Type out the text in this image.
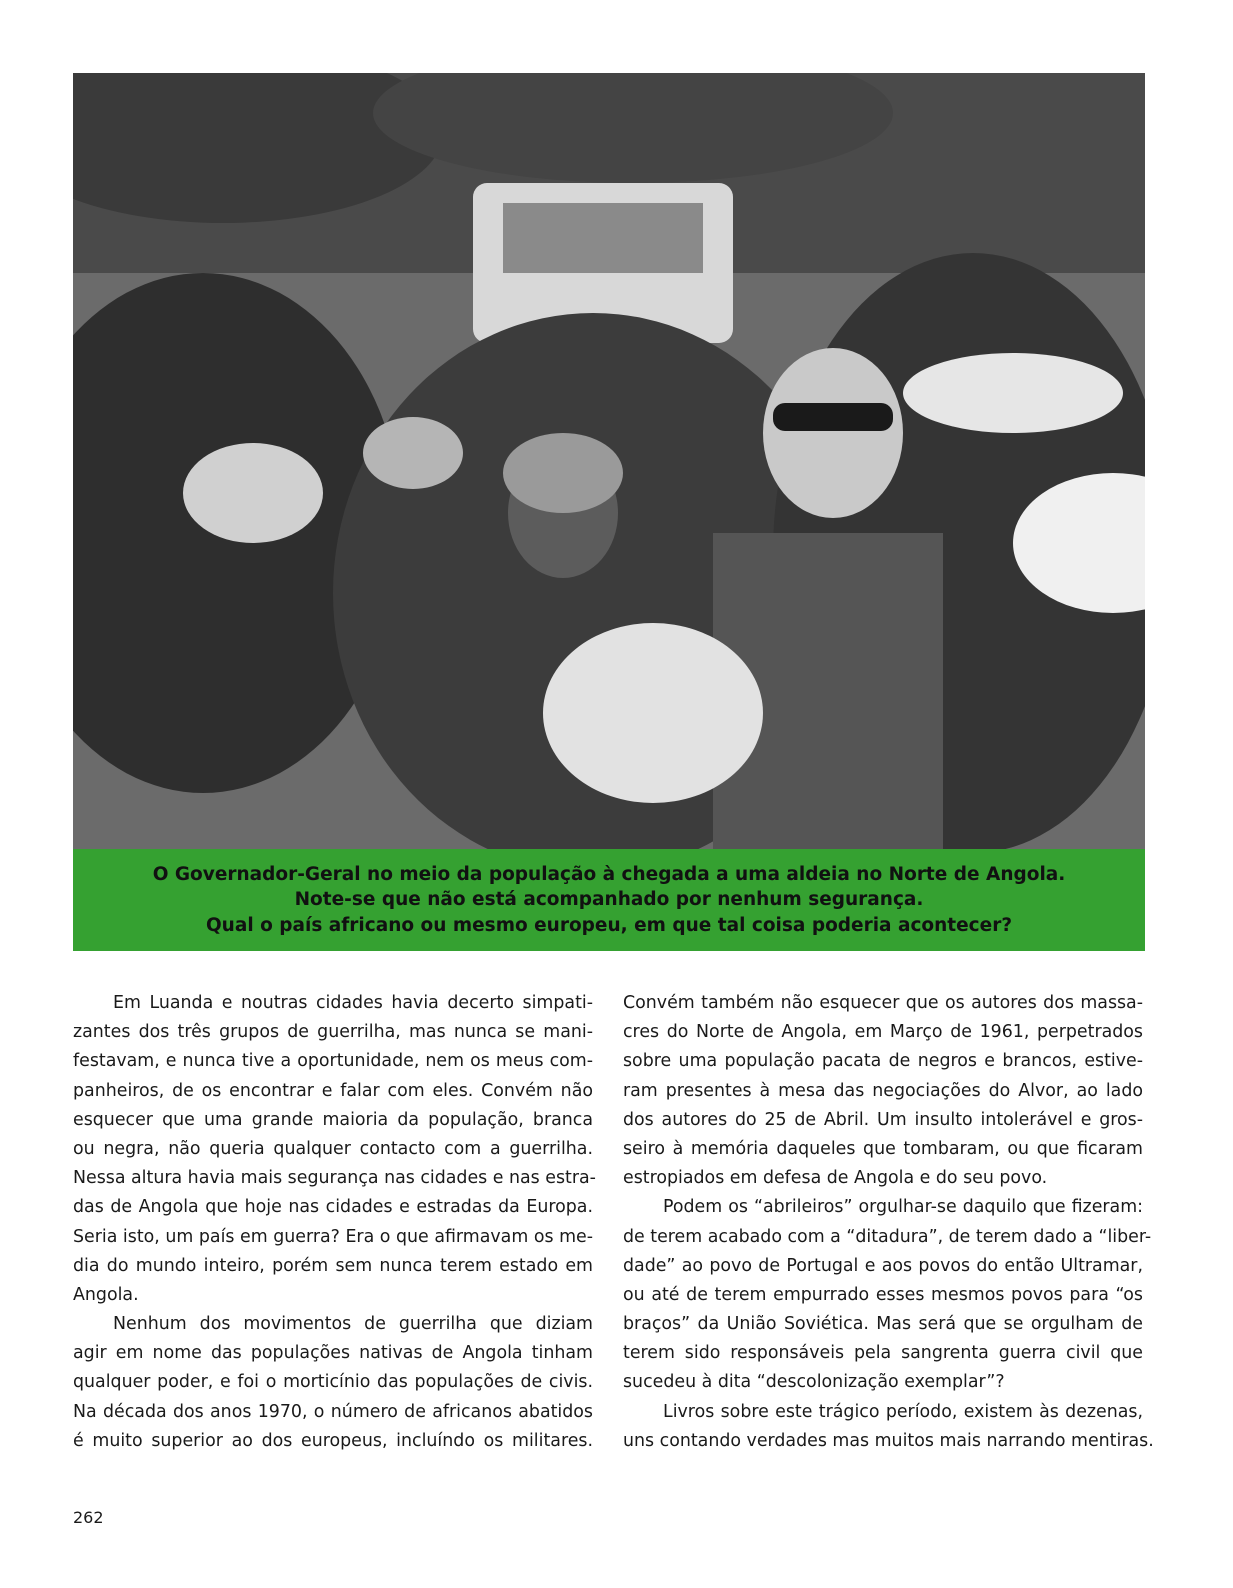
O Governador-Geral no meio da população à chegada a uma aldeia no Norte de Angola.
Note-se que não está acompanhado por nenhum segurança.
Qual o país africano ou mesmo europeu, em que tal coisa poderia acontecer?
Em Luanda e noutras cidades havia decerto simpati-
zantes dos três grupos de guerrilha, mas nunca se mani-
festavam, e nunca tive a oportunidade, nem os meus com-
panheiros, de os encontrar e falar com eles. Convém não
esquecer que uma grande maioria da população, branca
ou negra, não queria qualquer contacto com a guerrilha.
Nessa altura havia mais segurança nas cidades e nas estra-
das de Angola que hoje nas cidades e estradas da Europa.
Seria isto, um país em guerra? Era o que afirmavam os me-
dia do mundo inteiro, porém sem nunca terem estado em
Angola.
Nenhum dos movimentos de guerrilha que diziam
agir em nome das populações nativas de Angola tinham
qualquer poder, e foi o morticínio das populações de civis.
Na década dos anos 1970, o número de africanos abatidos
é muito superior ao dos europeus, incluíndo os militares.
Convém também não esquecer que os autores dos massa-
cres do Norte de Angola, em Março de 1961, perpetrados
sobre uma população pacata de negros e brancos, estive-
ram presentes à mesa das negociações do Alvor, ao lado
dos autores do 25 de Abril. Um insulto intolerável e gros-
seiro à memória daqueles que tombaram, ou que ficaram
estropiados em defesa de Angola e do seu povo.
Podem os “abrileiros” orgulhar-se daquilo que fizeram:
de terem acabado com a “ditadura”, de terem dado a “liber-
dade” ao povo de Portugal e aos povos do então Ultramar,
ou até de terem empurrado esses mesmos povos para “os
braços” da União Soviética. Mas será que se orgulham de
terem sido responsáveis pela sangrenta guerra civil que
sucedeu à dita “descolonização exemplar”?
Livros sobre este trágico período, existem às dezenas,
uns contando verdades mas muitos mais narrando mentiras.
262
